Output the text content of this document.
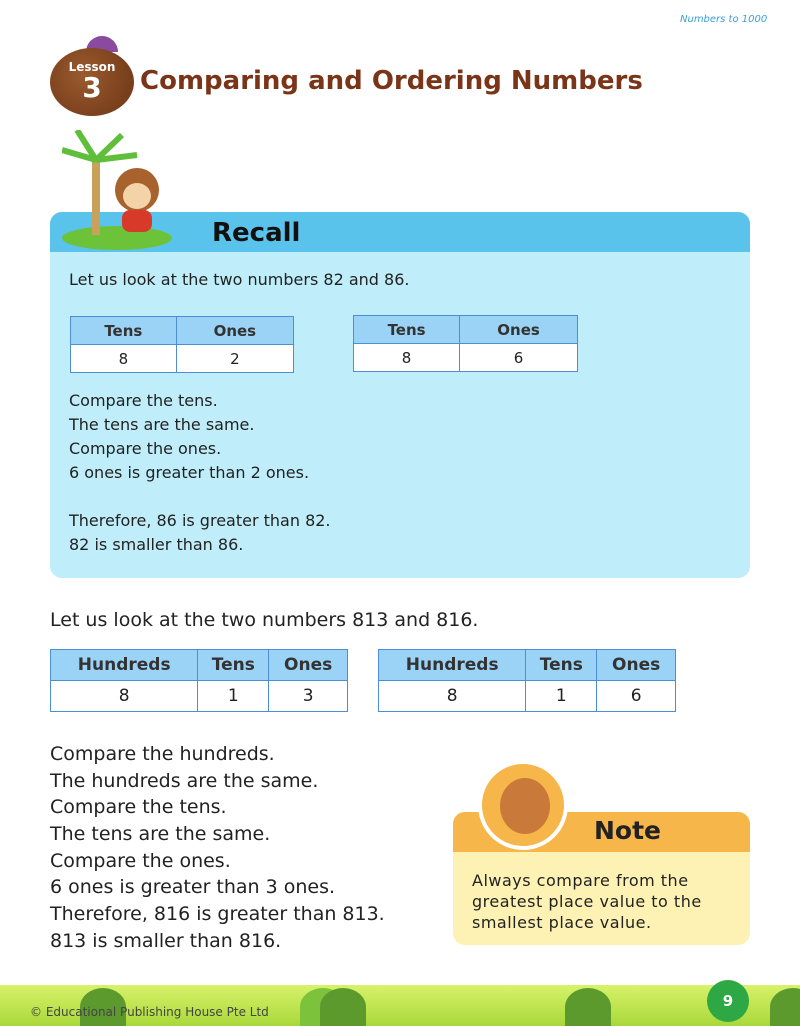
Numbers to 1000
Lesson
3	Comparing and Ordering Numbers
Recall
Let us look at the two numbers 82 and 86.
Tens	Ones
8	2
Tens	Ones
8	6
Compare the tens.
The tens are the same.
Compare the ones.
6 ones is greater than 2 ones.
Therefore, 86 is greater than 82.
82 is smaller than 86.
Let us look at the two numbers 813 and 816.
Hundreds	Tens	Ones
8	1	3
Hundreds	Tens	Ones
8	1	6
Compare the hundreds.
The hundreds are the same.
Compare the tens.
The tens are the same.
Compare the ones.
6 ones is greater than 3 ones.
Therefore, 816 is greater than 813.
813 is smaller than 816.
Note
Always compare from the greatest place value to the smallest place value.
© Educational Publishing House Pte Ltd
9
